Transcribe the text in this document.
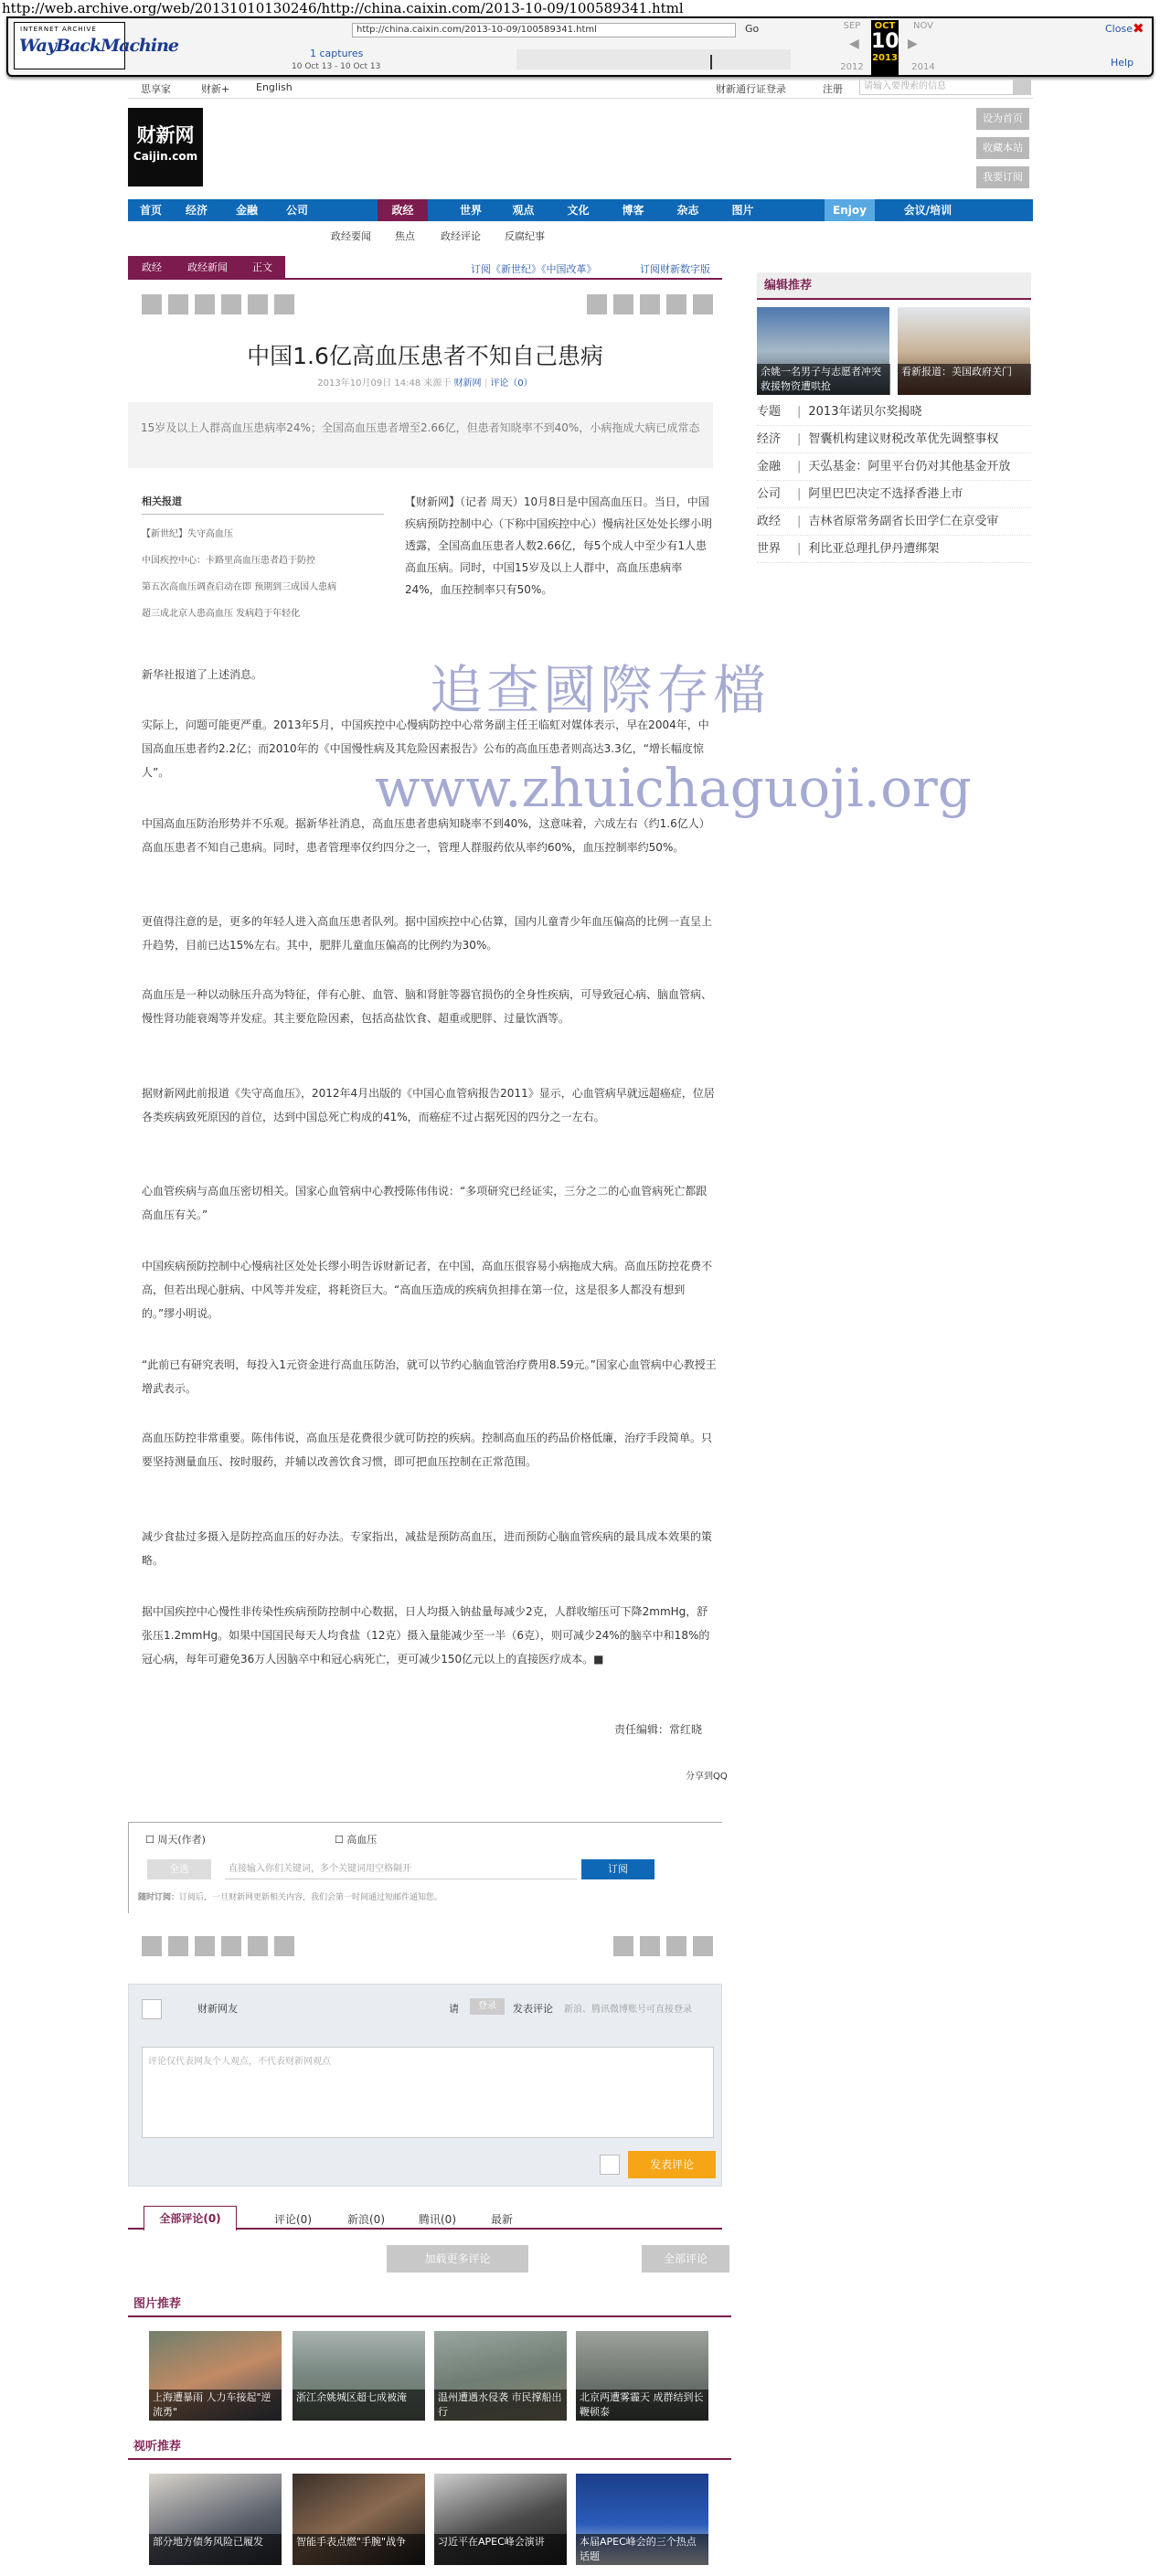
http://web.archive.org/web/20131010130246/http://china.caixin.com/2013-10-09/100589341.html
INTERNET ARCHIVE
WayBackMachine
http://china.caixin.com/2013-10-09/100589341.html	Go
1 captures
10 Oct 13 - 10 Oct 13
SEP	NOV
◀	▶
OCT
10
2013
2012	2014
Close ✖
Help
思享家	财新+	English	财新通行证登录	注册	请输入要搜索的信息
财新网
Caijin.com
设为首页
收藏本站
我要订阅
首页	经济	金融	公司	政经	世界	观点	文化	博客	杂志	图片	Enjoy	会议/培训
政经要闻 焦点	政经评论 反腐纪事
政经	政经新闻	正文	订阅《新世纪》《中国改革》	订阅财新数字版
中国1.6亿高血压患者不知自己患病
2013年10月09日 14:48 来源于 财新网 | 评论（0）
15岁及以上人群高血压患病率24%；全国高血压患者增至2.66亿，但患者知晓率不到40%，小病拖成大病已成常态
相关报道
【新世纪】失守高血压
中国疾控中心：卡路里高血压患者趋于防控
第五次高血压调查启动在即 预期到三成国人患病
超三成北京人患高血压 发病趋于年轻化
【财新网】（记者 周天）10月8日是中国高血压日。当日，中国疾病预防控制中心（下称中国疾控中心）慢病社区处处长缪小明透露，全国高血压患者人数2.66亿，每5个成人中至少有1人患高血压病。同时，中国15岁及以上人群中，高血压患病率24%，血压控制率只有50%。
新华社报道了上述消息。
实际上，问题可能更严重。2013年5月，中国疾控中心慢病防控中心常务副主任王临虹对媒体表示，早在2004年，中国高血压患者约2.2亿；而2010年的《中国慢性病及其危险因素报告》公布的高血压患者则高达3.3亿，“增长幅度惊人”。
中国高血压防治形势并不乐观。据新华社消息，高血压患者患病知晓率不到40%，这意味着，六成左右（约1.6亿人）高血压患者不知自己患病。同时，患者管理率仅约四分之一，管理人群服药依从率约60%，血压控制率约50%。
更值得注意的是，更多的年轻人进入高血压患者队列。据中国疾控中心估算，国内儿童青少年血压偏高的比例一直呈上升趋势，目前已达15%左右。其中，肥胖儿童血压偏高的比例约为30%。
高血压是一种以动脉压升高为特征，伴有心脏、血管、脑和肾脏等器官损伤的全身性疾病，可导致冠心病、脑血管病、慢性肾功能衰竭等并发症。其主要危险因素，包括高盐饮食、超重或肥胖、过量饮酒等。
据财新网此前报道《失守高血压》，2012年4月出版的《中国心血管病报告2011》显示，心血管病早就远超癌症，位居各类疾病致死原因的首位，达到中国总死亡构成的41%，而癌症不过占据死因的四分之一左右。
心血管疾病与高血压密切相关。国家心血管病中心教授陈伟伟说：“多项研究已经证实，三分之二的心血管病死亡都跟高血压有关。”
中国疾病预防控制中心慢病社区处处长缪小明告诉财新记者，在中国，高血压很容易小病拖成大病。高血压防控花费不高，但若出现心脏病、中风等并发症，将耗资巨大。“高血压造成的疾病负担排在第一位，这是很多人都没有想到的。”缪小明说。
“此前已有研究表明，每投入1元资金进行高血压防治，就可以节约心脑血管治疗费用8.59元。”国家心血管病中心教授王增武表示。
高血压防控非常重要。陈伟伟说，高血压是花费很少就可防控的疾病。控制高血压的药品价格低廉，治疗手段简单。只要坚持测量血压、按时服药，并辅以改善饮食习惯，即可把血压控制在正常范围。
减少食盐过多摄入是防控高血压的好办法。专家指出，减盐是预防高血压，进而预防心脑血管疾病的最具成本效果的策略。
据中国疾控中心慢性非传染性疾病预防控制中心数据，日人均摄入钠盐量每减少2克，人群收缩压可下降2mmHg，舒张压1.2mmHg。如果中国国民每天人均食盐（12克）摄入量能减少至一半（6克），则可减少24%的脑卒中和18%的冠心病，每年可避免36万人因脑卒中和冠心病死亡，更可减少150亿元以上的直接医疗成本。■
责任编辑：常红晓
分享到QQ
追查國際存檔
www.zhuichaguoji.org
☐ 周天(作者)	☐ 高血压
全选	直接输入你们关键词，多个关键词用空格隔开	订阅
随时订阅：订阅后，一旦财新网更新相关内容，我们会第一时间通过短邮件通知您。
财新网友	请	登录	发表评论 新浪、腾讯微博账号可直接登录
评论仅代表网友个人观点，不代表财新网观点
发表评论
全部评论(0)	评论(0)	新浪(0)	腾讯(0)	最新
加载更多评论	全部评论
图片推荐
上海遭暴雨 人力车接起"逆流勇"
浙江余姚城区超七成被淹	温州遭遇水侵袭 市民撑船出行
北京两遭雾霾天 成群结到长鞭顿泰
视听推荐
部分地方债务风险已履发	智能手表点燃"手腕"战争	习近平在APEC峰会演讲	本届APEC峰会的三个热点话题
编辑推荐
余姚一名男子与志愿者冲突 救援物资遭哄抢
看新报道：美国政府关门
专题 | 2013年诺贝尔奖揭晓
经济 | 智囊机构建议财税改革优先调整事权
金融 | 天弘基金：阿里平台仍对其他基金开放
公司 | 阿里巴巴决定不选择香港上市
政经 | 吉林省原常务副省长田学仁在京受审
世界 | 利比亚总理扎伊丹遭绑架
